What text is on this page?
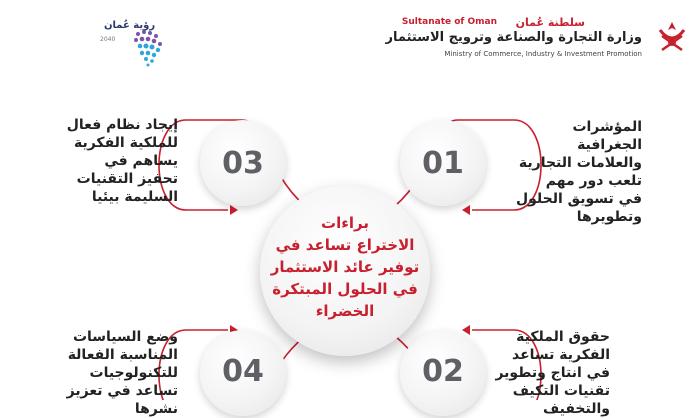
سلطنة عُمان
Sultanate of Oman
وزارة التجارة والصناعة وترويج الاستثمار
Ministry of Commerce, Industry & Investment Promotion
رؤية عُمان
2040
03	01
04	02
براءات
الاختراع تساعد في
توفير عائد الاستثمار
في الحلول المبتكرة
الخضراء
المؤشرات
الجغرافية
والعلامات التجارية
تلعب دور مهم
في تسويق الحلول
وتطويرها
إيجاد نظام فعال
للملكية الفكرية
يساهم في
تحفيز التقنيات
السليمة بيئيا
حقوق الملكية
الفكرية تساعد
في انتاج وتطوير
تقنيات التكيف
والتخفيف
وضع السياسات
المناسبة الفعالة
للتكنولوجيات
تساعد في تعزيز
نشرها
